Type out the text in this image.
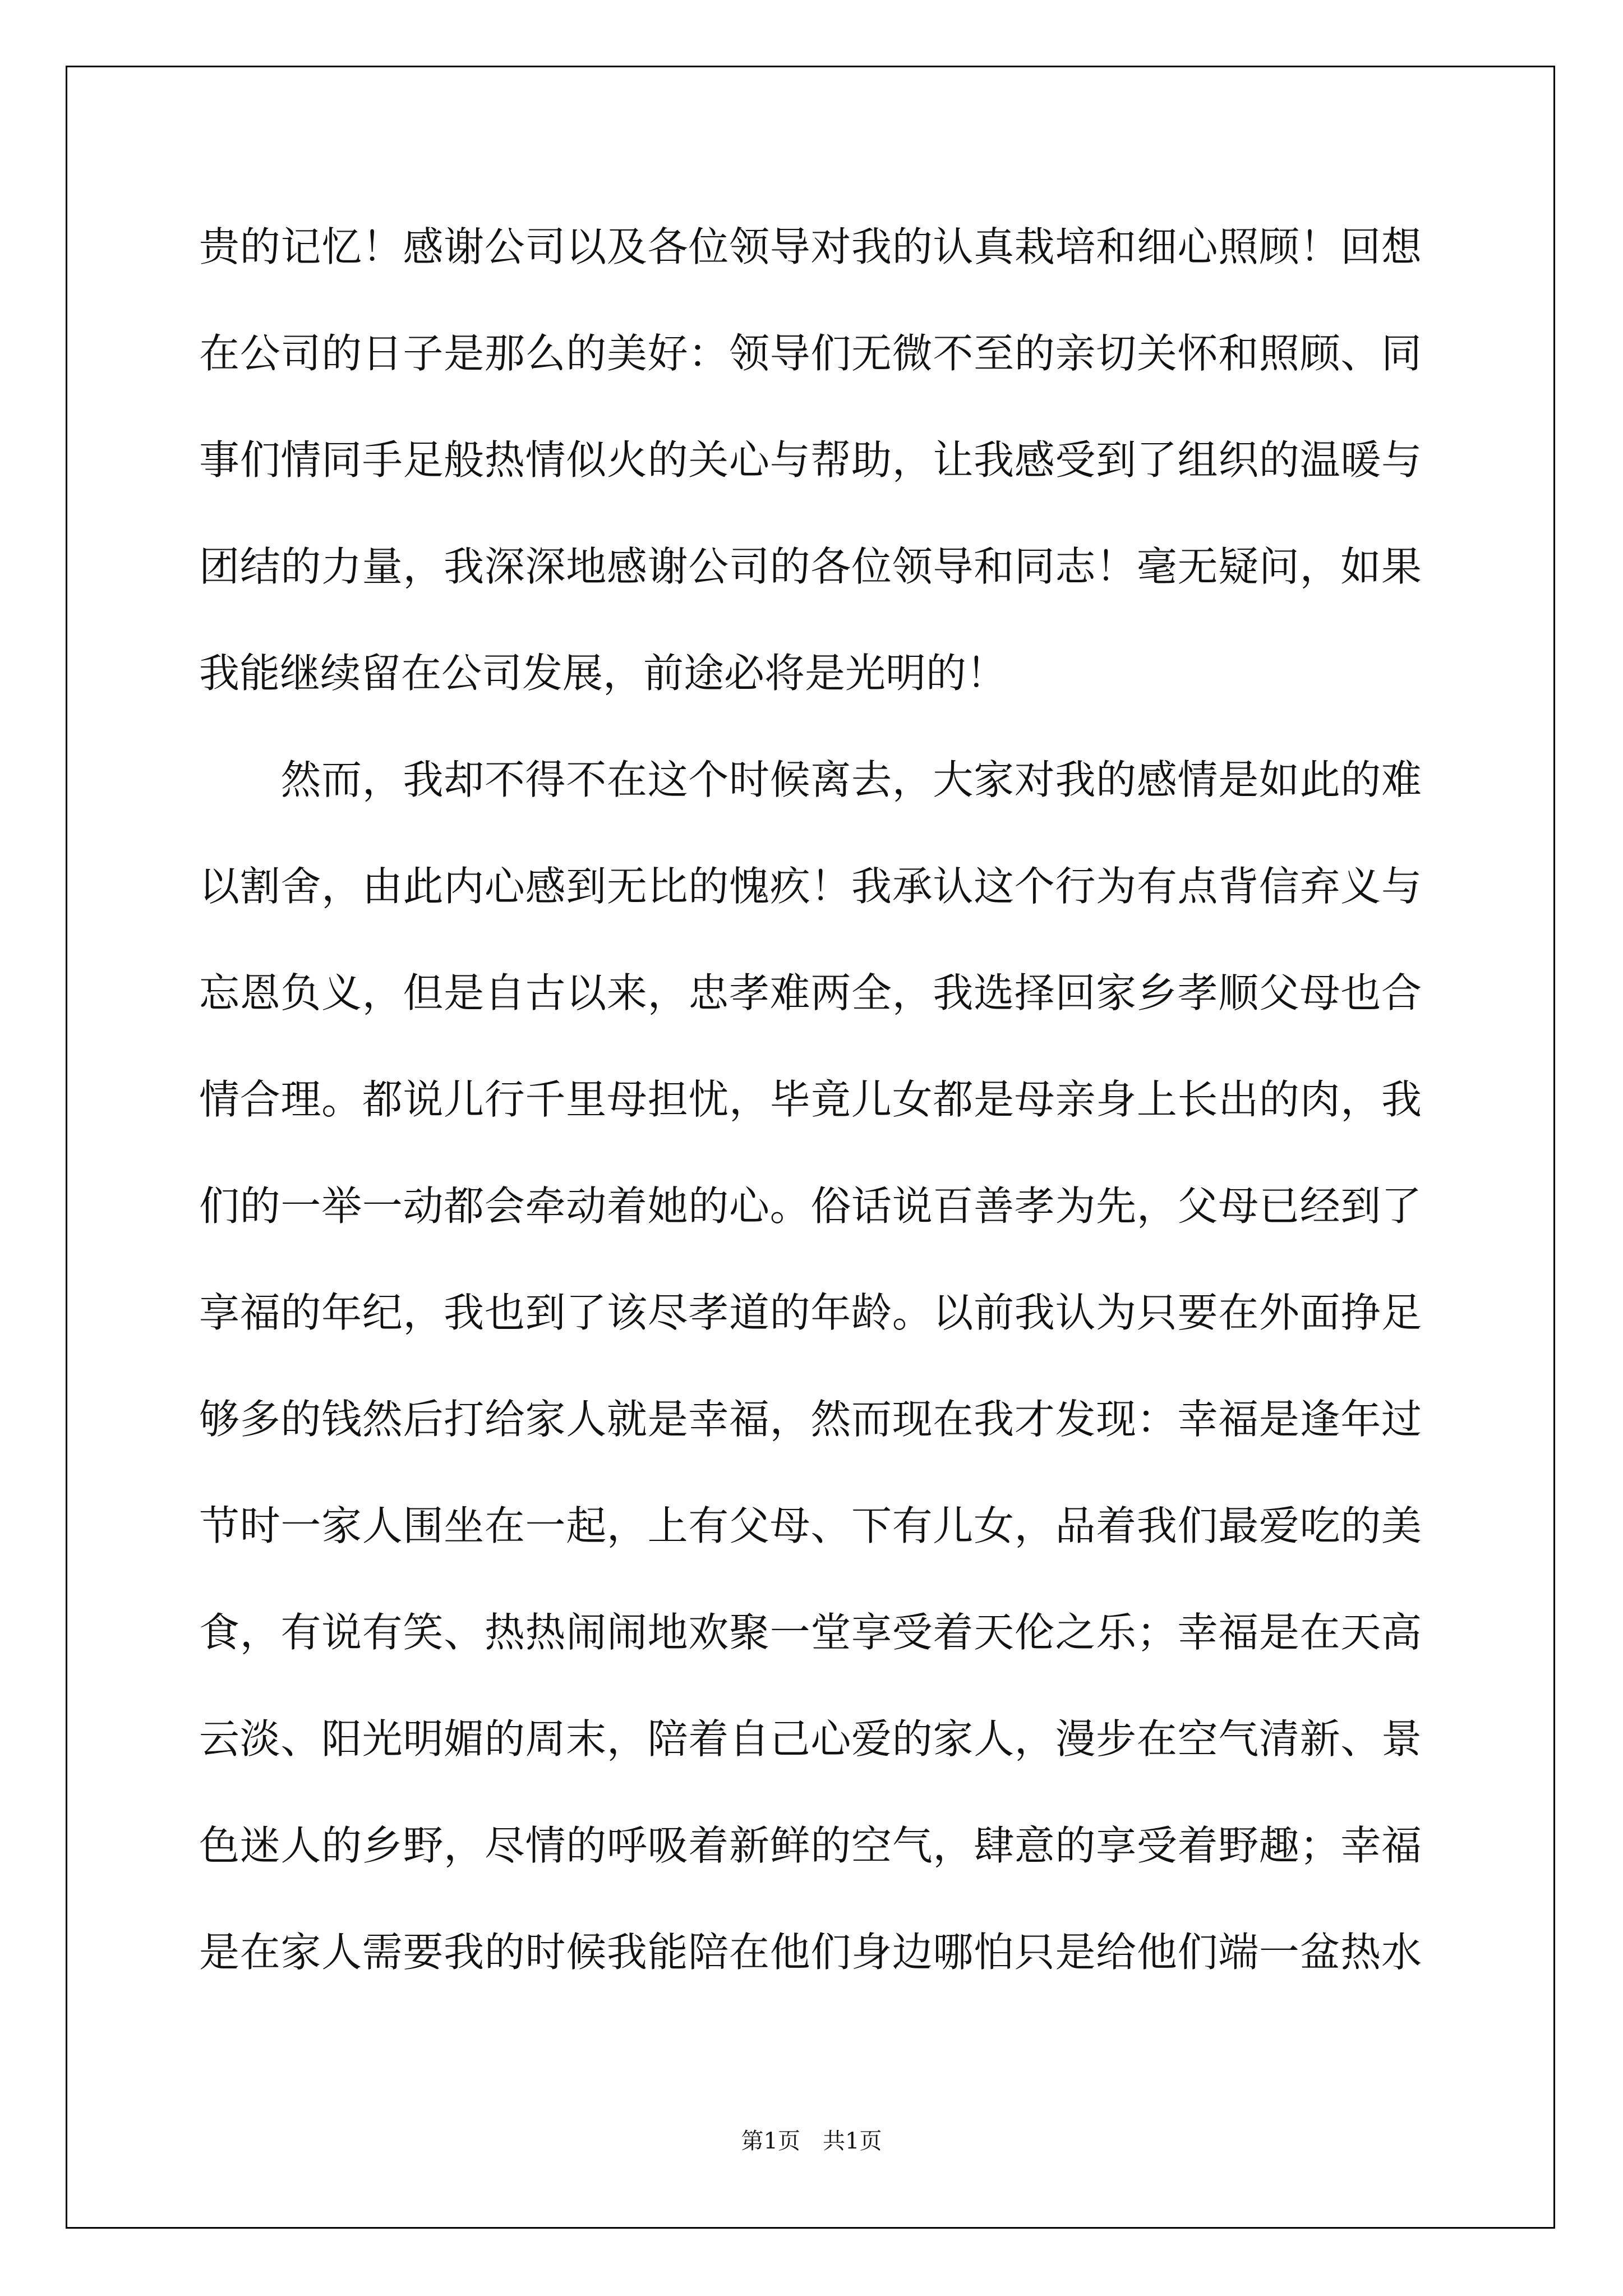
贵的记忆！感谢公司以及各位领导对我的认真栽培和细心照顾！回想
在公司的日子是那么的美好：领导们无微不至的亲切关怀和照顾、同
事们情同手足般热情似火的关心与帮助，让我感受到了组织的温暖与
团结的力量，我深深地感谢公司的各位领导和同志！毫无疑问，如果
我能继续留在公司发展，前途必将是光明的！
　　然而，我却不得不在这个时候离去，大家对我的感情是如此的难
以割舍，由此内心感到无比的愧疚！我承认这个行为有点背信弃义与
忘恩负义，但是自古以来，忠孝难两全，我选择回家乡孝顺父母也合
情合理。都说儿行千里母担忧，毕竟儿女都是母亲身上长出的肉，我
们的一举一动都会牵动着她的心。俗话说百善孝为先，父母已经到了
享福的年纪，我也到了该尽孝道的年龄。以前我认为只要在外面挣足
够多的钱然后打给家人就是幸福，然而现在我才发现：幸福是逢年过
节时一家人围坐在一起，上有父母、下有儿女，品着我们最爱吃的美
食，有说有笑、热热闹闹地欢聚一堂享受着天伦之乐；幸福是在天高
云淡、阳光明媚的周末，陪着自己心爱的家人，漫步在空气清新、景
色迷人的乡野，尽情的呼吸着新鲜的空气，肆意的享受着野趣；幸福
是在家人需要我的时候我能陪在他们身边哪怕只是给他们端一盆热水
第1页　共1页
